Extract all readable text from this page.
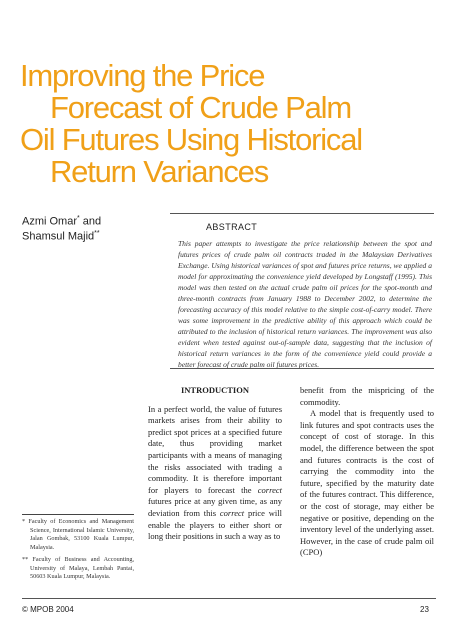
Improving the Price
Forecast of Crude Palm
Oil Futures Using Historical
Return Variances
Azmi Omar* and
Shamsul Majid**
ABSTRACT
This paper attempts to investigate the price relationship between the spot and futures prices of crude palm oil contracts traded in the Malaysian Derivatives Exchange. Using historical variances of spot and futures price returns, we applied a model for approximating the convenience yield developed by Longstaff (1995). This model was then tested on the actual crude palm oil prices for the spot-month and three-month contracts from January 1988 to December 2002, to determine the forecasting accuracy of this model relative to the simple cost-of-carry model. There was some improvement in the predictive ability of this approach which could be attributed to the inclusion of historical return variances. The improvement was also evident when tested against out-of-sample data, suggesting that the inclusion of historical return variances in the form of the convenience yield could provide a better forecast of crude palm oil futures prices.

INTRODUCTION

In a perfect world, the value of futures markets arises from their ability to predict spot prices at a specified future date, thus providing market participants with a means of managing the risks associated with trading a commodity. It is therefore important for players to forecast the correct futures price at any given time, as any deviation from this correct price will enable the players to either short or long their positions in such a way as to

benefit from the mispricing of the commodity.

A model that is frequently used to link futures and spot contracts uses the concept of cost of storage. In this model, the difference between the spot and futures contracts is the cost of carrying the commodity into the future, specified by the maturity date of the futures contract. This difference, or the cost of storage, may either be negative or positive, depending on the inventory level of the underlying asset. However, in the case of crude palm oil (CPO)

* Faculty of Economics and Management Science, International Islamic University, Jalan Gombak, 53100 Kuala Lumpur, Malaysia.

** Faculty of Business and Accounting, University of Malaya, Lembah Pantai, 50603 Kuala Lumpur, Malaysia.

© MPOB 2004	23
